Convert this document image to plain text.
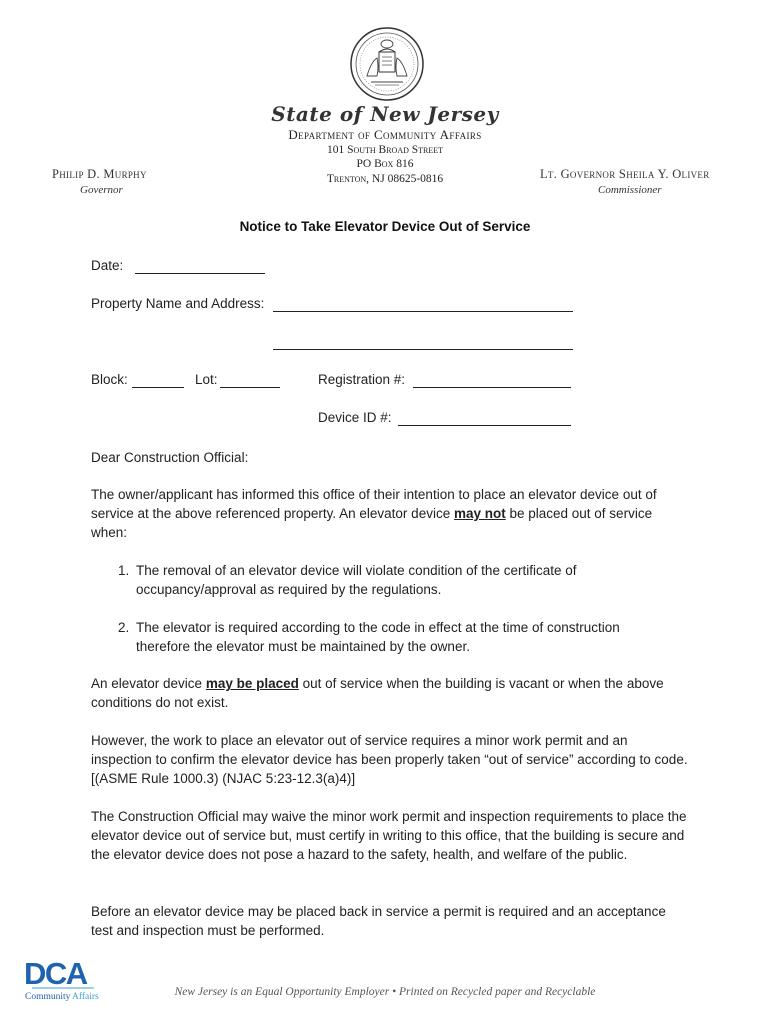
State of New Jersey
Department of Community Affairs
101 South Broad Street
PO Box 816
Trenton, NJ 08625-0816
Philip D. Murphy
Governor
Lt. Governor Sheila Y. Oliver
Commissioner
Notice to Take Elevator Device Out of Service
Date:
Property Name and Address:
Block:	Lot:	Registration #:
Device ID #:
Dear Construction Official:
The owner/applicant has informed this office of their intention to place an elevator device out of service at the above referenced property. An elevator device may not be placed out of service when:
1. The removal of an elevator device will violate condition of the certificate of occupancy/approval as required by the regulations.
2. The elevator is required according to the code in effect at the time of construction therefore the elevator must be maintained by the owner.
An elevator device may be placed out of service when the building is vacant or when the above conditions do not exist.
However, the work to place an elevator out of service requires a minor work permit and an inspection to confirm the elevator device has been properly taken “out of service” according to code. [(ASME Rule 1000.3) (NJAC 5:23-12.3(a)4)]
The Construction Official may waive the minor work permit and inspection requirements to place the elevator device out of service but, must certify in writing to this office, that the building is secure and the elevator device does not pose a hazard to the safety, health, and welfare of the public.
Before an elevator device may be placed back in service a permit is required and an acceptance test and inspection must be performed.
DCA
Community Affairs	New Jersey is an Equal Opportunity Employer • Printed on Recycled paper and Recyclable
